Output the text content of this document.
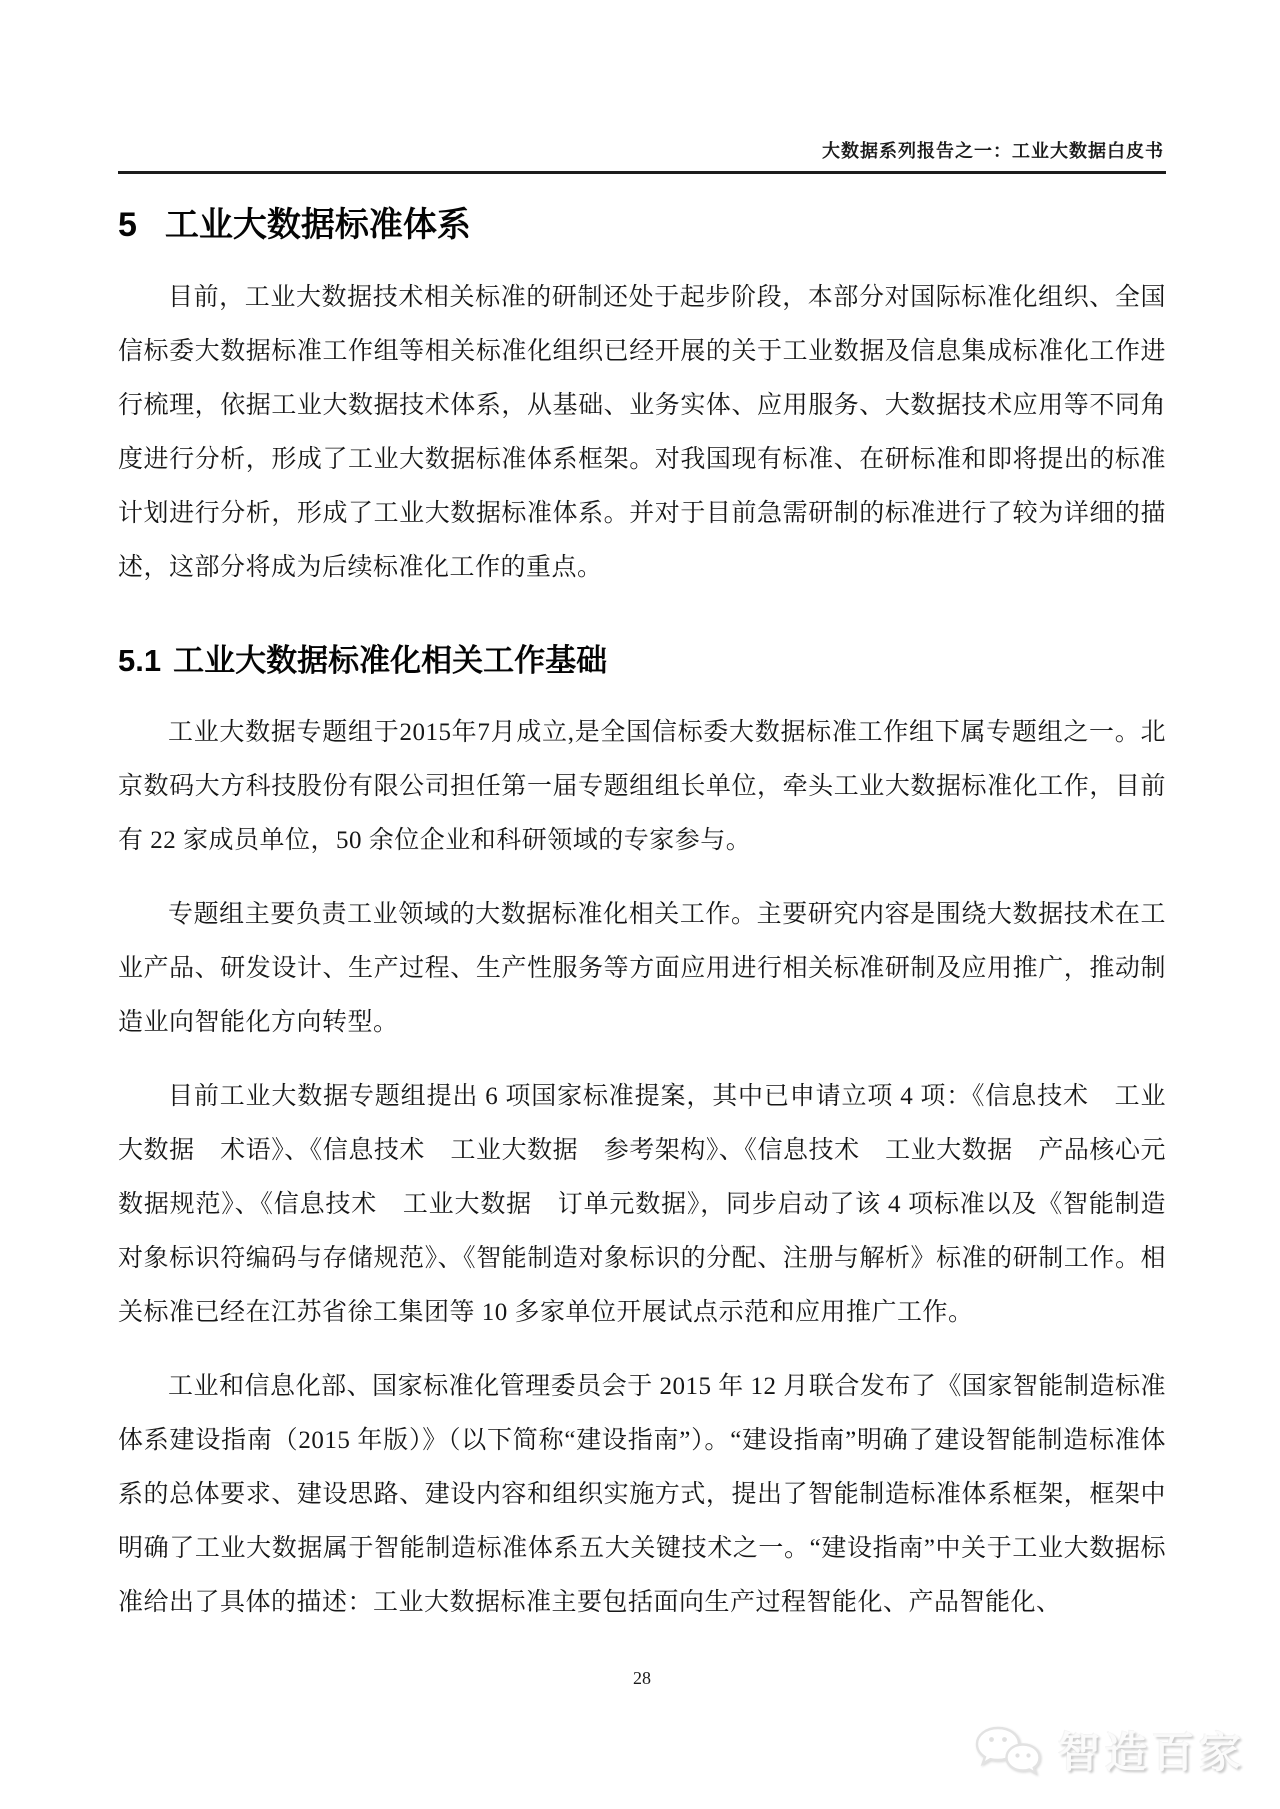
大数据系列报告之一：工业大数据白皮书
5 工业大数据标准体系

目前，工业大数据技术相关标准的研制还处于起步阶段，本部分对国际标准化组织、全国信标委大数据标准工作组等相关标准化组织已经开展的关于工业数据及信息集成标准化工作进行梳理，依据工业大数据技术体系，从基础、业务实体、应用服务、大数据技术应用等不同角度进行分析，形成了工业大数据标准体系框架。对我国现有标准、在研标准和即将提出的标准计划进行分析，形成了工业大数据标准体系。并对于目前急需研制的标准进行了较为详细的描述，这部分将成为后续标准化工作的重点。

5.1 工业大数据标准化相关工作基础

工业大数据专题组于2015年7月成立,是全国信标委大数据标准工作组下属专题组之一。北京数码大方科技股份有限公司担任第一届专题组组长单位，牵头工业大数据标准化工作，目前有 22 家成员单位，50 余位企业和科研领域的专家参与。

专题组主要负责工业领域的大数据标准化相关工作。主要研究内容是围绕大数据技术在工业产品、研发设计、生产过程、生产性服务等方面应用进行相关标准研制及应用推广，推动制造业向智能化方向转型。

目前工业大数据专题组提出 6 项国家标准提案，其中已申请立项 4 项：《信息技术　工业大数据　术语》、《信息技术　工业大数据　参考架构》、《信息技术　工业大数据　产品核心元数据规范》、《信息技术　工业大数据　订单元数据》，同步启动了该 4 项标准以及《智能制造对象标识符编码与存储规范》、《智能制造对象标识的分配、注册与解析》标准的研制工作。相关标准已经在江苏省徐工集团等 10 多家单位开展试点示范和应用推广工作。

工业和信息化部、国家标准化管理委员会于 2015 年 12 月联合发布了《国家智能制造标准体系建设指南（2015 年版）》（以下简称“建设指南”）。“建设指南”明确了建设智能制造标准体系的总体要求、建设思路、建设内容和组织实施方式，提出了智能制造标准体系框架，框架中明确了工业大数据属于智能制造标准体系五大关键技术之一。“建设指南”中关于工业大数据标准给出了具体的描述：工业大数据标准主要包括面向生产过程智能化、产品智能化、

28
智造百家
